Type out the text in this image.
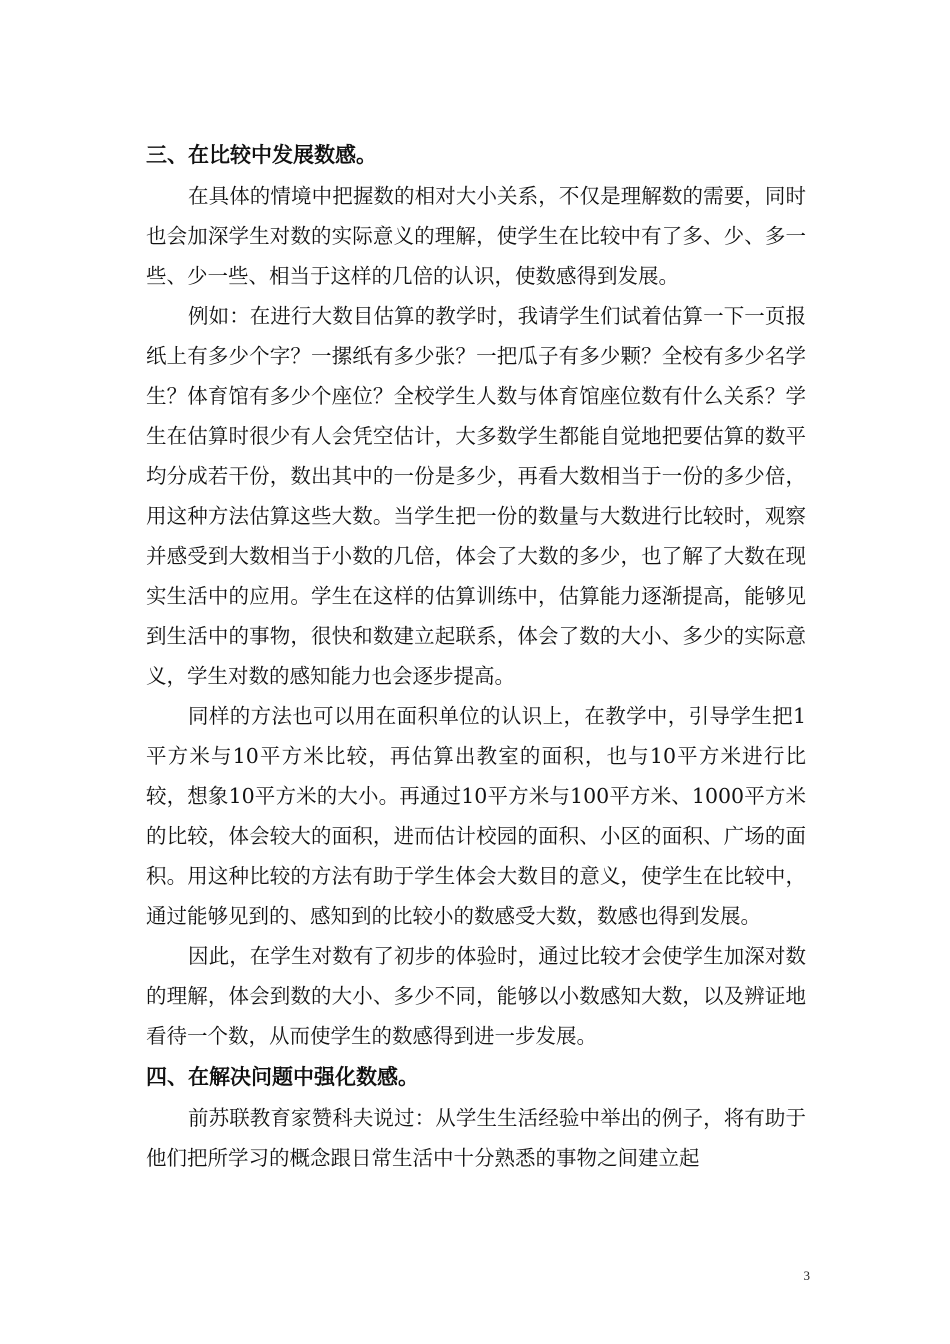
三、在比较中发展数感。

在具体的情境中把握数的相对大小关系，不仅是理解数的需要，同时也会加深学生对数的实际意义的理解，使学生在比较中有了多、少、多一些、少一些、相当于这样的几倍的认识，使数感得到发展。

例如：在进行大数目估算的教学时，我请学生们试着估算一下一页报纸上有多少个字？一摞纸有多少张？一把瓜子有多少颗？全校有多少名学生？体育馆有多少个座位？全校学生人数与体育馆座位数有什么关系？学生在估算时很少有人会凭空估计，大多数学生都能自觉地把要估算的数平均分成若干份，数出其中的一份是多少，再看大数相当于一份的多少倍，用这种方法估算这些大数。当学生把一份的数量与大数进行比较时，观察并感受到大数相当于小数的几倍，体会了大数的多少，也了解了大数在现实生活中的应用。学生在这样的估算训练中，估算能力逐渐提高，能够见到生活中的事物，很快和数建立起联系，体会了数的大小、多少的实际意义，学生对数的感知能力也会逐步提高。

同样的方法也可以用在面积单位的认识上，在教学中，引导学生把1平方米与10平方米比较，再估算出教室的面积，也与10平方米进行比较，想象10平方米的大小。再通过10平方米与100平方米、1000平方米的比较，体会较大的面积，进而估计校园的面积、小区的面积、广场的面积。用这种比较的方法有助于学生体会大数目的意义，使学生在比较中，通过能够见到的、感知到的比较小的数感受大数，数感也得到发展。

因此，在学生对数有了初步的体验时，通过比较才会使学生加深对数的理解，体会到数的大小、多少不同，能够以小数感知大数，以及辨证地看待一个数，从而使学生的数感得到进一步发展。

四、在解决问题中强化数感。

前苏联教育家赞科夫说过：从学生生活经验中举出的例子，将有助于他们把所学习的概念跟日常生活中十分熟悉的事物之间建立起

3
